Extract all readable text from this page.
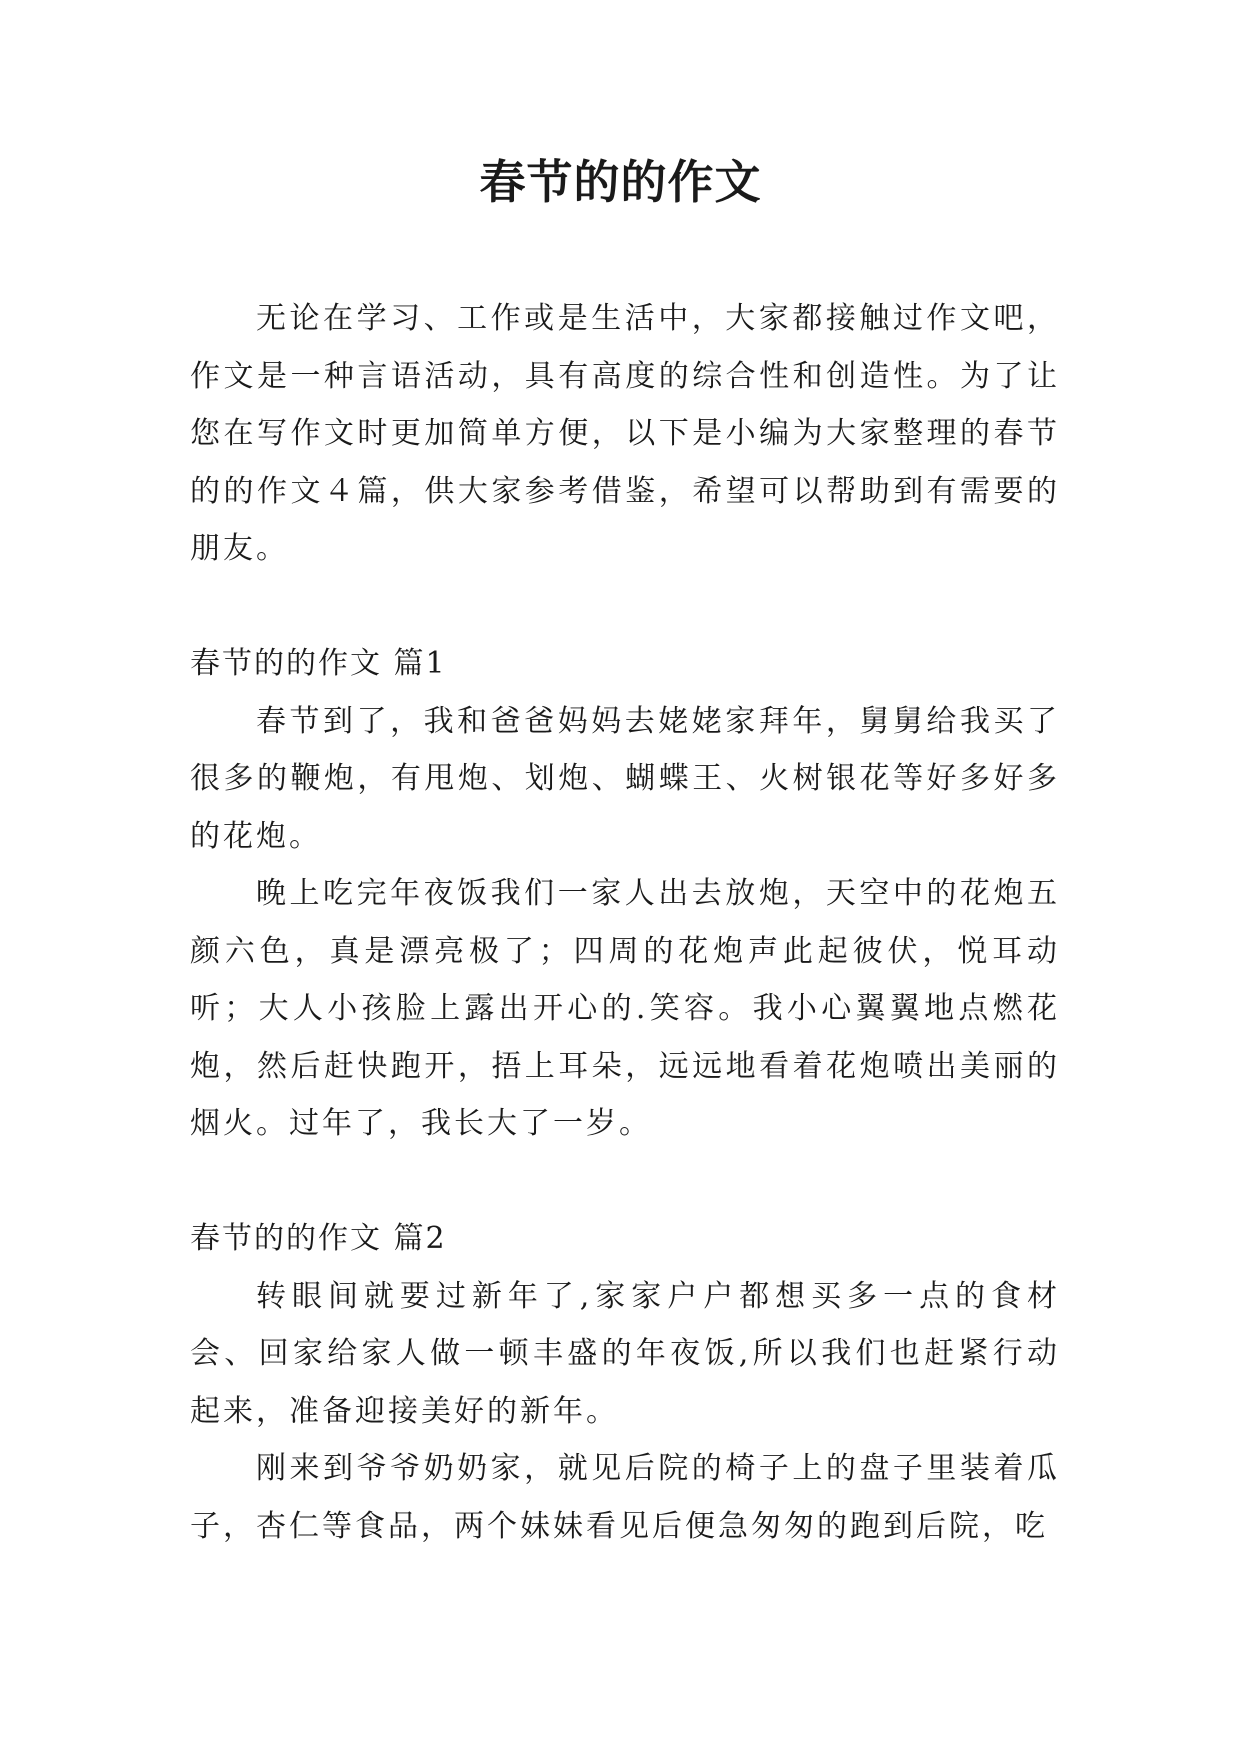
春节的的作文

无论在学习、工作或是生活中，大家都接触过作文吧，作文是一种言语活动，具有高度的综合性和创造性。为了让您在写作文时更加简单方便，以下是小编为大家整理的春节的的作文４篇，供大家参考借鉴，希望可以帮助到有需要的朋友。

春节的的作文 篇1

春节到了，我和爸爸妈妈去姥姥家拜年，舅舅给我买了很多的鞭炮，有甩炮、划炮、蝴蝶王、火树银花等好多好多的花炮。

晚上吃完年夜饭我们一家人出去放炮，天空中的花炮五颜六色，真是漂亮极了；四周的花炮声此起彼伏，悦耳动听；大人小孩脸上露出开心的.笑容。我小心翼翼地点燃花炮，然后赶快跑开，捂上耳朵，远远地看着花炮喷出美丽的烟火。过年了，我长大了一岁。

春节的的作文 篇2

转眼间就要过新年了,家家户户都想买多一点的食材会、回家给家人做一顿丰盛的年夜饭,所以我们也赶紧行动起来，准备迎接美好的新年。

刚来到爷爷奶奶家，就见后院的椅子上的盘子里装着瓜子，杏仁等食品，两个妹妹看见后便急匆匆的跑到后院，吃
